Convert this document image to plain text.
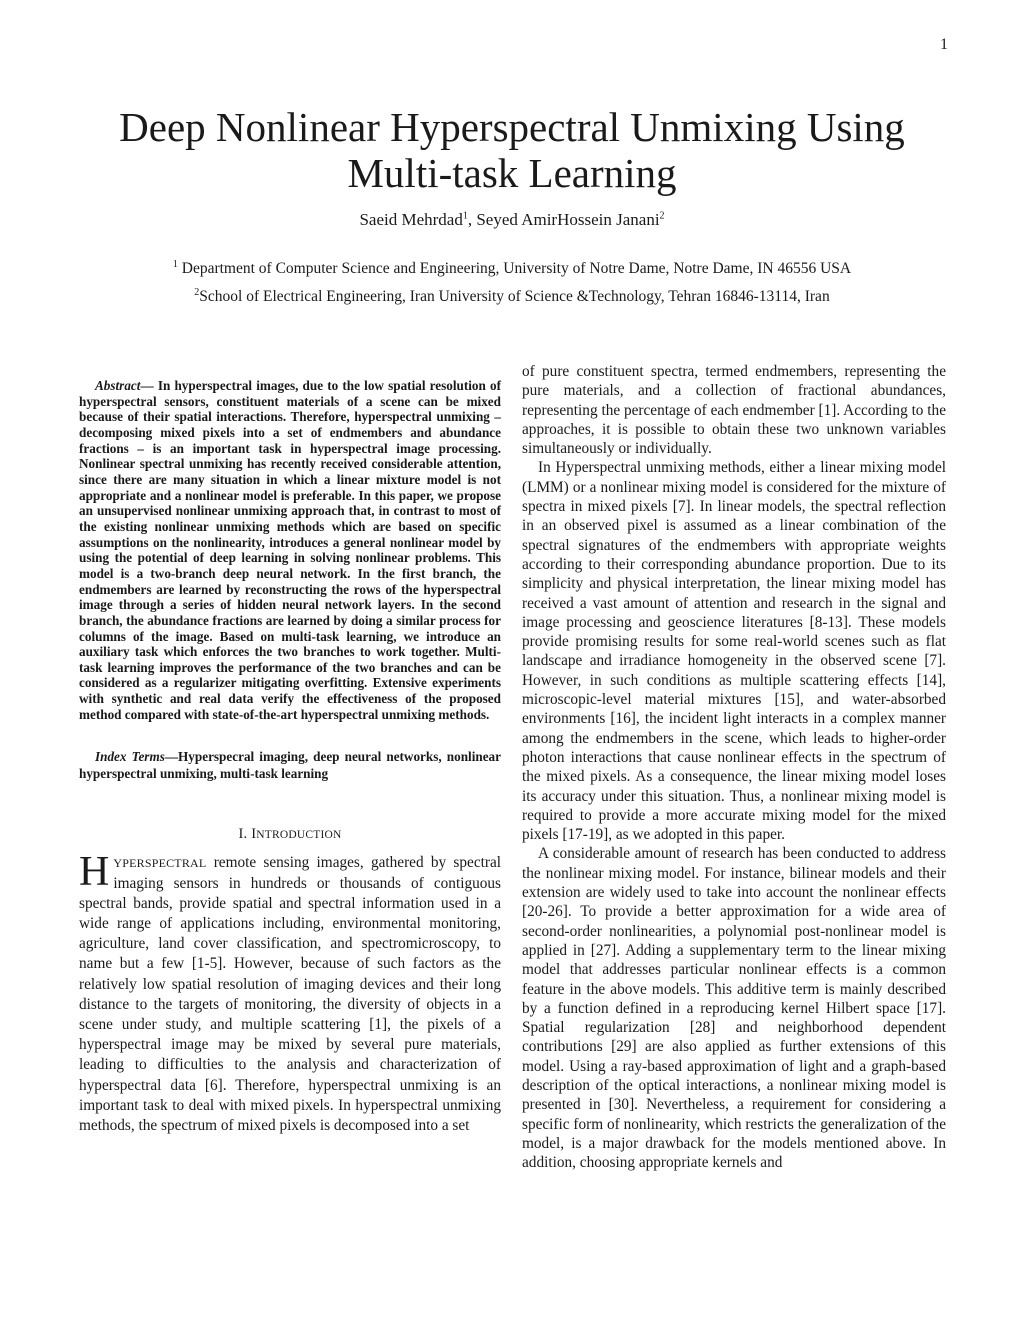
1
Deep Nonlinear Hyperspectral Unmixing Using Multi-task Learning
Saeid Mehrdad$^1$, Seyed AmirHossein Janani$^2$
$^1$ Department of Computer Science and Engineering, University of Notre Dame, Notre Dame, IN 46556 USA
$^2$School of Electrical Engineering, Iran University of Science &Technology, Tehran 16846-13114, Iran

Abstract— In hyperspectral images, due to the low spatial resolution of hyperspectral sensors, constituent materials of a scene can be mixed because of their spatial interactions. Therefore, hyperspectral unmixing – decomposing mixed pixels into a set of endmembers and abundance fractions – is an important task in hyperspectral image processing. Nonlinear spectral unmixing has recently received considerable attention, since there are many situation in which a linear mixture model is not appropriate and a nonlinear model is preferable. In this paper, we propose an unsupervised nonlinear unmixing approach that, in contrast to most of the existing nonlinear unmixing methods which are based on specific assumptions on the nonlinearity, introduces a general nonlinear model by using the potential of deep learning in solving nonlinear problems. This model is a two-branch deep neural network. In the first branch, the endmembers are learned by reconstructing the rows of the hyperspectral image through a series of hidden neural network layers. In the second branch, the abundance fractions are learned by doing a similar process for columns of the image. Based on multi-task learning, we introduce an auxiliary task which enforces the two branches to work together. Multi-task learning improves the performance of the two branches and can be considered as a regularizer mitigating overfitting. Extensive experiments with synthetic and real data verify the effectiveness of the proposed method compared with state-of-the-art hyperspectral unmixing methods.

Index Terms—Hyperspecral imaging, deep neural networks, nonlinear hyperspectral unmixing, multi-task learning

I. INTRODUCTION

HYPERSPECTRAL remote sensing images, gathered by spectral imaging sensors in hundreds or thousands of contiguous spectral bands, provide spatial and spectral information used in a wide range of applications including, environmental monitoring, agriculture, land cover classification, and spectromicroscopy, to name but a few [1-5]. However, because of such factors as the relatively low spatial resolution of imaging devices and their long distance to the targets of monitoring, the diversity of objects in a scene under study, and multiple scattering [1], the pixels of a hyperspectral image may be mixed by several pure materials, leading to difficulties to the analysis and characterization of hyperspectral data [6]. Therefore, hyperspectral unmixing is an important task to deal with mixed pixels. In hyperspectral unmixing methods, the spectrum of mixed pixels is decomposed into a set

of pure constituent spectra, termed endmembers, representing the pure materials, and a collection of fractional abundances, representing the percentage of each endmember [1]. According to the approaches, it is possible to obtain these two unknown variables simultaneously or individually.

In Hyperspectral unmixing methods, either a linear mixing model (LMM) or a nonlinear mixing model is considered for the mixture of spectra in mixed pixels [7]. In linear models, the spectral reflection in an observed pixel is assumed as a linear combination of the spectral signatures of the endmembers with appropriate weights according to their corresponding abundance proportion. Due to its simplicity and physical interpretation, the linear mixing model has received a vast amount of attention and research in the signal and image processing and geoscience literatures [8-13]. These models provide promising results for some real-world scenes such as flat landscape and irradiance homogeneity in the observed scene [7]. However, in such conditions as multiple scattering effects [14], microscopic-level material mixtures [15], and water-absorbed environments [16], the incident light interacts in a complex manner among the endmembers in the scene, which leads to higher-order photon interactions that cause nonlinear effects in the spectrum of the mixed pixels. As a consequence, the linear mixing model loses its accuracy under this situation. Thus, a nonlinear mixing model is required to provide a more accurate mixing model for the mixed pixels [17-19], as we adopted in this paper.

A considerable amount of research has been conducted to address the nonlinear mixing model. For instance, bilinear models and their extension are widely used to take into account the nonlinear effects [20-26]. To provide a better approximation for a wide area of second-order nonlinearities, a polynomial post-nonlinear model is applied in [27]. Adding a supplementary term to the linear mixing model that addresses particular nonlinear effects is a common feature in the above models. This additive term is mainly described by a function defined in a reproducing kernel Hilbert space [17]. Spatial regularization [28] and neighborhood dependent contributions [29] are also applied as further extensions of this model. Using a ray-based approximation of light and a graph-based description of the optical interactions, a nonlinear mixing model is presented in [30]. Nevertheless, a requirement for considering a specific form of nonlinearity, which restricts the generalization of the model, is a major drawback for the models mentioned above. In addition, choosing appropriate kernels and
